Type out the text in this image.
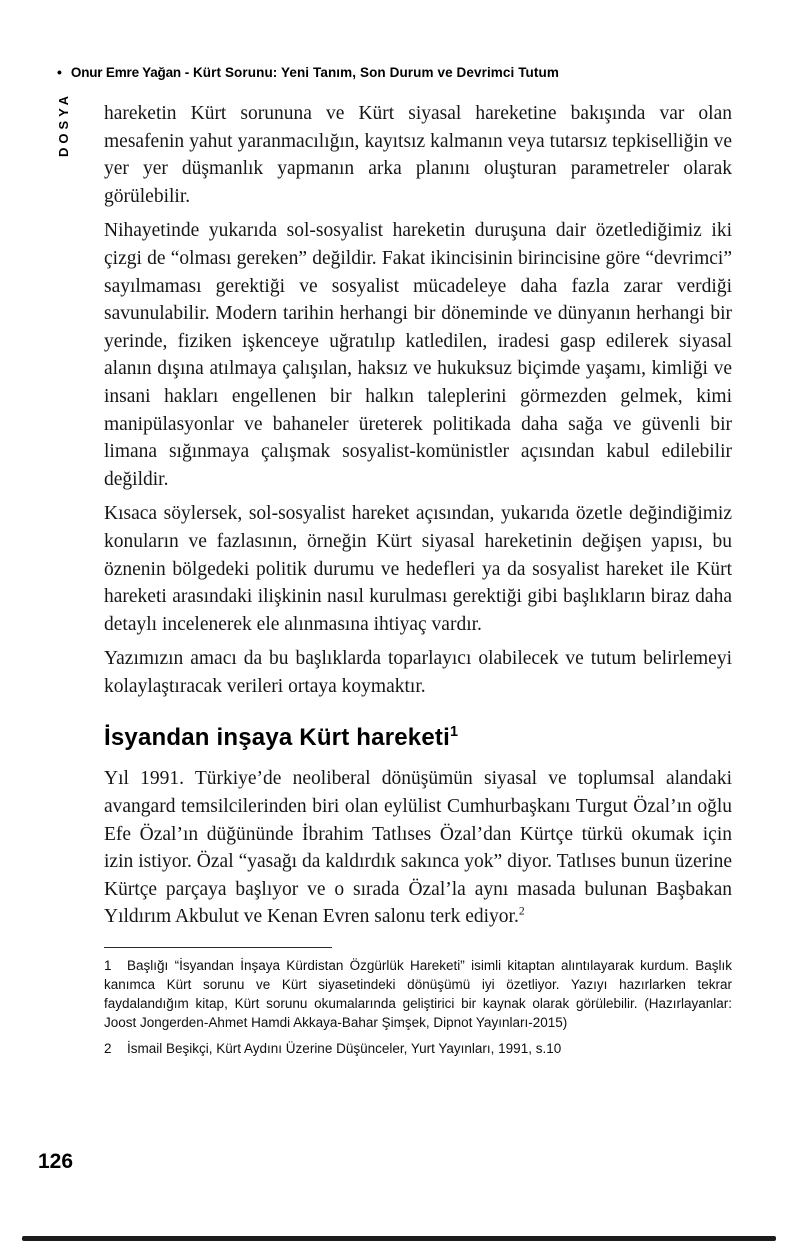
• Onur Emre Yağan - Kürt Sorunu: Yeni Tanım, Son Durum ve Devrimci Tutum
DOSYA hareketin Kürt sorununa ve Kürt siyasal hareketine bakışında var olan mesafenin yahut yaranmacılığın, kayıtsız kalmanın veya tutarsız tepkiselliğin ve yer yer düşmanlık yapmanın arka planını oluşturan parametreler olarak görülebilir.

Nihayetinde yukarıda sol-sosyalist hareketin duruşuna dair özetlediğimiz iki çizgi de “olması gereken” değildir. Fakat ikincisinin birincisine göre “devrimci” sayılmaması gerektiği ve sosyalist mücadeleye daha fazla zarar verdiği savunulabilir. Modern tarihin herhangi bir döneminde ve dünyanın herhangi bir yerinde, fiziken işkenceye uğratılıp katledilen, iradesi gasp edilerek siyasal alanın dışına atılmaya çalışılan, haksız ve hukuksuz biçimde yaşamı, kimliği ve insani hakları engellenen bir halkın taleplerini görmezden gelmek, kimi manipülasyonlar ve bahaneler üreterek politikada daha sağa ve güvenli bir limana sığınmaya çalışmak sosyalist-komünistler açısından kabul edilebilir değildir.

Kısaca söylersek, sol-sosyalist hareket açısından, yukarıda özetle değindiğimiz konuların ve fazlasının, örneğin Kürt siyasal hareketinin değişen yapısı, bu öznenin bölgedeki politik durumu ve hedefleri ya da sosyalist hareket ile Kürt hareketi arasındaki ilişkinin nasıl kurulması gerektiği gibi başlıkların biraz daha detaylı incelenerek ele alınmasına ihtiyaç vardır.

Yazımızın amacı da bu başlıklarda toparlayıcı olabilecek ve tutum belirlemeyi kolaylaştıracak verileri ortaya koymaktır.

İsyandan inşaya Kürt hareketi$^1$

Yıl 1991. Türkiye’de neoliberal dönüşümün siyasal ve toplumsal alandaki avangard temsilcilerinden biri olan eylülist Cumhurbaşkanı Turgut Özal’ın oğlu Efe Özal’ın düğününde İbrahim Tatlıses Özal’dan Kürtçe türkü okumak için izin istiyor. Özal “yasağı da kaldırdık sakınca yok” diyor. Tatlıses bunun üzerine Kürtçe parçaya başlıyor ve o sırada Özal’la aynı masada bulunan Başbakan Yıldırım Akbulut ve Kenan Evren salonu terk ediyor.$^2$

1 Başlığı “İsyandan İnşaya Kürdistan Özgürlük Hareketi” isimli kitaptan alıntılayarak kurdum. Başlık kanımca Kürt sorunu ve Kürt siyasetindeki dönüşümü iyi özetliyor. Yazıyı hazırlarken tekrar faydalandığım kitap, Kürt sorunu okumalarında geliştirici bir kaynak olarak görülebilir. (Hazırlayanlar: Joost Jongerden-Ahmet Hamdi Akkaya-Bahar Şimşek, Dipnot Yayınları-2015)
2 İsmail Beşikçi, Kürt Aydını Üzerine Düşünceler, Yurt Yayınları, 1991, s.10
126
